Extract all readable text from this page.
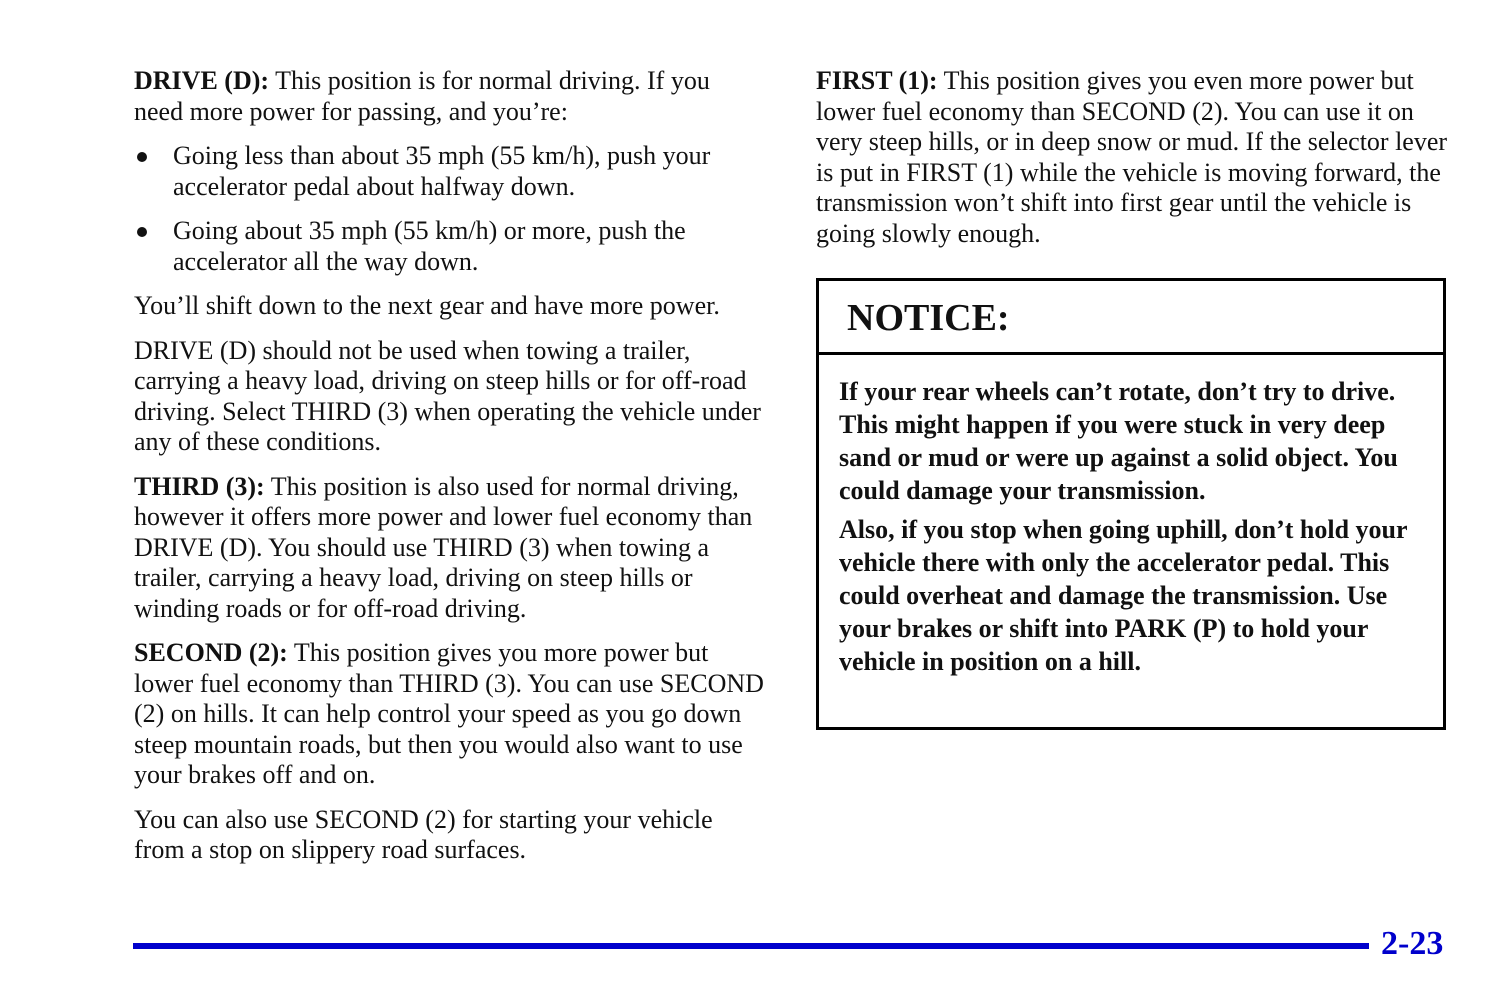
DRIVE (D): This position is for normal driving. If you need more power for passing, and you’re:

Going less than about 35 mph (55 km/h), push your accelerator pedal about halfway down.
Going about 35 mph (55 km/h) or more, push the accelerator all the way down.

You’ll shift down to the next gear and have more power.

DRIVE (D) should not be used when towing a trailer, carrying a heavy load, driving on steep hills or for off-road driving. Select THIRD (3) when operating the vehicle under any of these conditions.

THIRD (3): This position is also used for normal driving, however it offers more power and lower fuel economy than DRIVE (D). You should use THIRD (3) when towing a trailer, carrying a heavy load, driving on steep hills or winding roads or for off-road driving.

SECOND (2): This position gives you more power but lower fuel economy than THIRD (3). You can use SECOND (2) on hills. It can help control your speed as you go down steep mountain roads, but then you would also want to use your brakes off and on.

You can also use SECOND (2) for starting your vehicle from a stop on slippery road surfaces.

FIRST (1): This position gives you even more power but lower fuel economy than SECOND (2). You can use it on very steep hills, or in deep snow or mud. If the selector lever is put in FIRST (1) while the vehicle is moving forward, the transmission won’t shift into first gear until the vehicle is going slowly enough.

NOTICE:

If your rear wheels can’t rotate, don’t try to drive. This might happen if you were stuck in very deep sand or mud or were up against a solid object. You could damage your transmission.

Also, if you stop when going uphill, don’t hold your vehicle there with only the accelerator pedal. This could overheat and damage the transmission. Use your brakes or shift into PARK (P) to hold your vehicle in position on a hill.

2-23
